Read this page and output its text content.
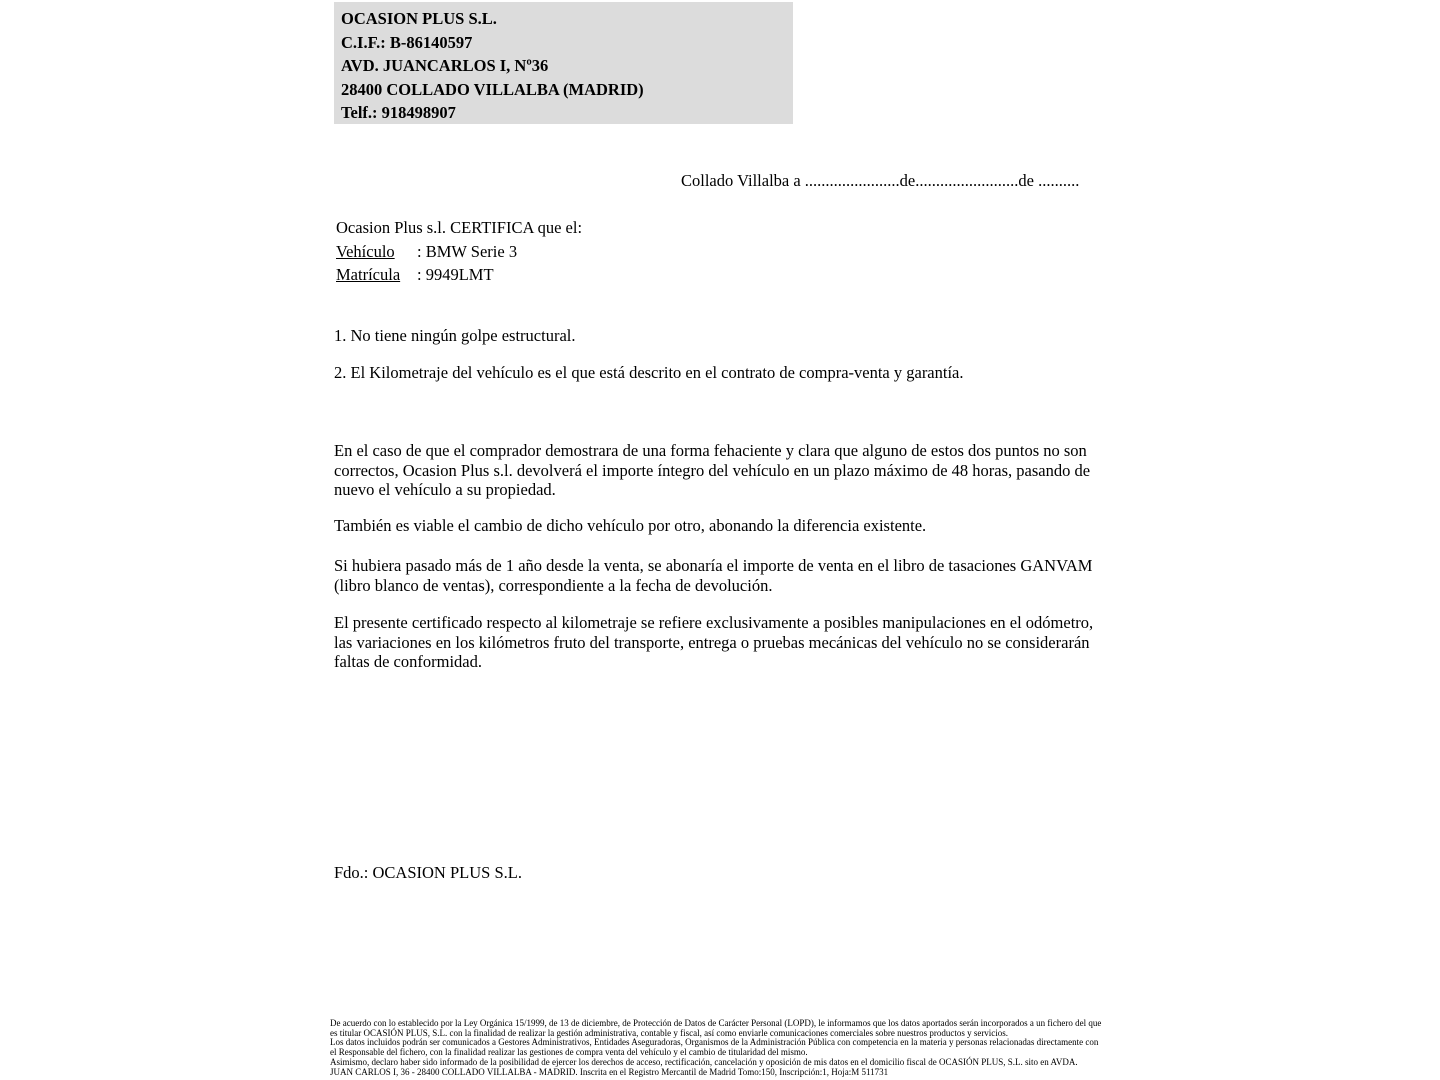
OCASION PLUS S.L.
C.I.F.: B-86140597
AVD. JUANCARLOS I, Nº36
28400 COLLADO VILLALBA (MADRID)
Telf.: 918498907
Collado Villalba a .......................de.........................de ..........
Ocasion Plus s.l. CERTIFICA que el:
Vehículo : BMW Serie 3
Matrícula : 9949LMT
1. No tiene ningún golpe estructural.
2. El Kilometraje del vehículo es el que está descrito en el contrato de compra-venta y garantía.
En el caso de que el comprador demostrara de una forma fehaciente y clara que alguno de estos dos puntos no son correctos, Ocasion Plus s.l. devolverá el importe íntegro del vehículo en un plazo máximo de 48 horas, pasando de nuevo el vehículo a su propiedad.
También es viable el cambio de dicho vehículo por otro, abonando la diferencia existente.
Si hubiera pasado más de 1 año desde la venta, se abonaría el importe de venta en el libro de tasaciones GANVAM (libro blanco de ventas), correspondiente a la fecha de devolución.
El presente certificado respecto al kilometraje se refiere exclusivamente a posibles manipulaciones en el odómetro, las variaciones en los kilómetros fruto del transporte, entrega o pruebas mecánicas del vehículo no se considerarán faltas de conformidad.
Fdo.: OCASION PLUS S.L.

De acuerdo con lo establecido por la Ley Orgánica 15/1999, de 13 de diciembre, de Protección de Datos de Carácter Personal (LOPD), le informamos que los datos aportados serán incorporados a un fichero del que es titular OCASIÓN PLUS, S.L. con la finalidad de realizar la gestión administrativa, contable y fiscal, así como enviarle comunicaciones comerciales sobre nuestros productos y servicios.

Los datos incluidos podrán ser comunicados a Gestores Administrativos, Entidades Aseguradoras, Organismos de la Administración Pública con competencia en la materia y personas relacionadas directamente con el Responsable del fichero, con la finalidad realizar las gestiones de compra venta del vehículo y el cambio de titularidad del mismo.

Asimismo, declaro haber sido informado de la posibilidad de ejercer los derechos de acceso, rectificación, cancelación y oposición de mis datos en el domicilio fiscal de OCASIÓN PLUS, S.L. sito en AVDA. JUAN CARLOS I, 36 - 28400 COLLADO VILLALBA - MADRID. Inscrita en el Registro Mercantil de Madrid Tomo:150, Inscripción:1, Hoja:M 511731
